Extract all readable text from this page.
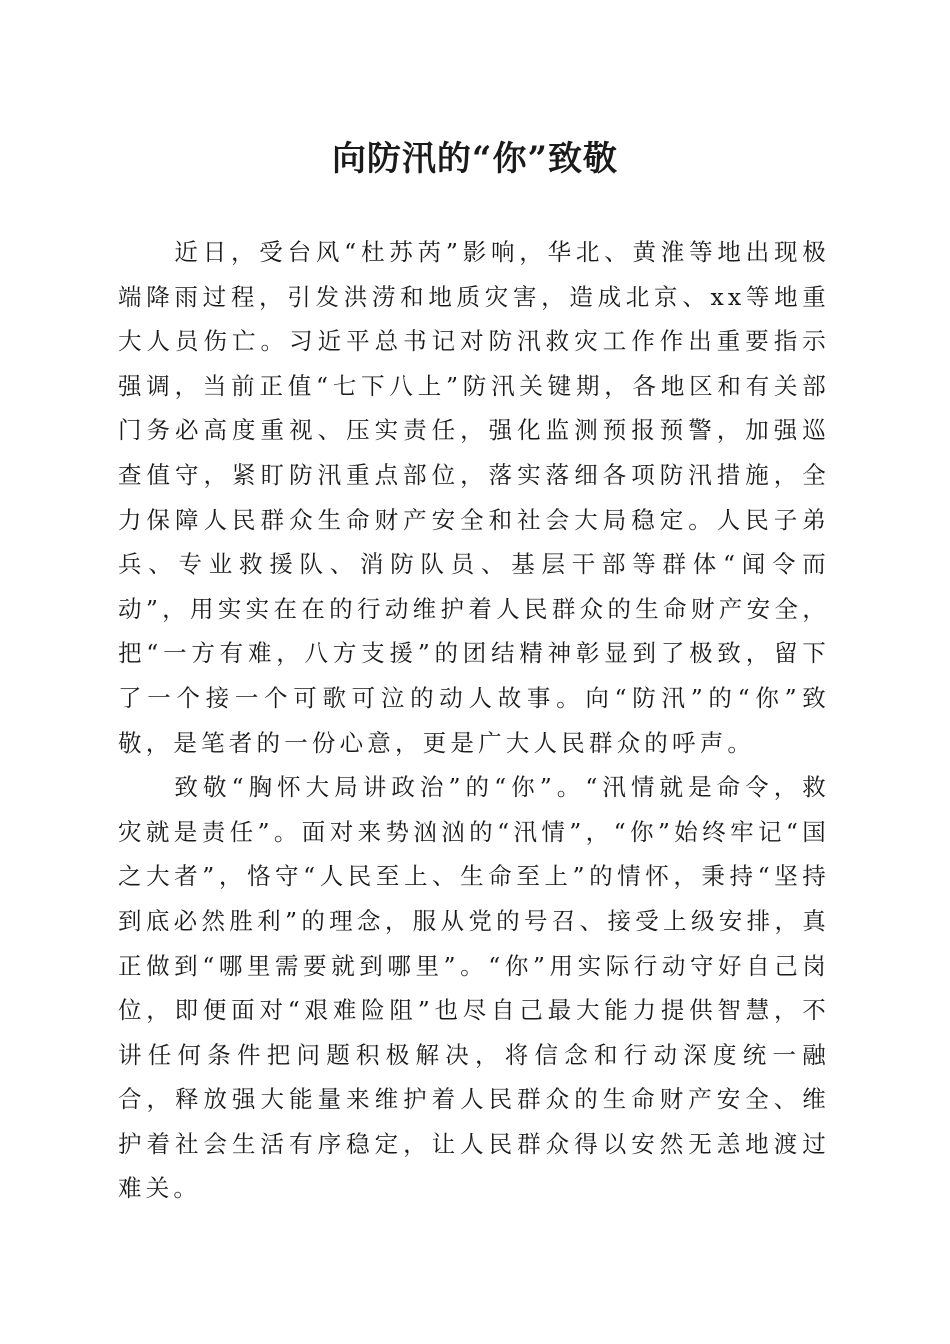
向防汛的“你”致敬

近日，受台风“杜苏芮”影响，华北、黄淮等地出现极端降雨过程，引发洪涝和地质灾害，造成北京、xx等地重大人员伤亡。习近平总书记对防汛救灾工作作出重要指示强调，当前正值“七下八上”防汛关键期，各地区和有关部门务必高度重视、压实责任，强化监测预报预警，加强巡查值守，紧盯防汛重点部位，落实落细各项防汛措施，全力保障人民群众生命财产安全和社会大局稳定。人民子弟兵、专业救援队、消防队员、基层干部等群体“闻令而动”，用实实在在的行动维护着人民群众的生命财产安全，把“一方有难，八方支援”的团结精神彰显到了极致，留下了一个接一个可歌可泣的动人故事。向“防汛”的“你”致敬，是笔者的一份心意，更是广大人民群众的呼声。

致敬“胸怀大局讲政治”的“你”。“汛情就是命令，救灾就是责任”。面对来势汹汹的“汛情”，“你”始终牢记“国之大者”，恪守“人民至上、生命至上”的情怀，秉持“坚持到底必然胜利”的理念，服从党的号召、接受上级安排，真正做到“哪里需要就到哪里”。“你”用实际行动守好自己岗位，即便面对“艰难险阻”也尽自己最大能力提供智慧，不讲任何条件把问题积极解决，将信念和行动深度统一融合，释放强大能量来维护着人民群众的生命财产安全、维护着社会生活有序稳定，让人民群众得以安然无恙地渡过难关。
